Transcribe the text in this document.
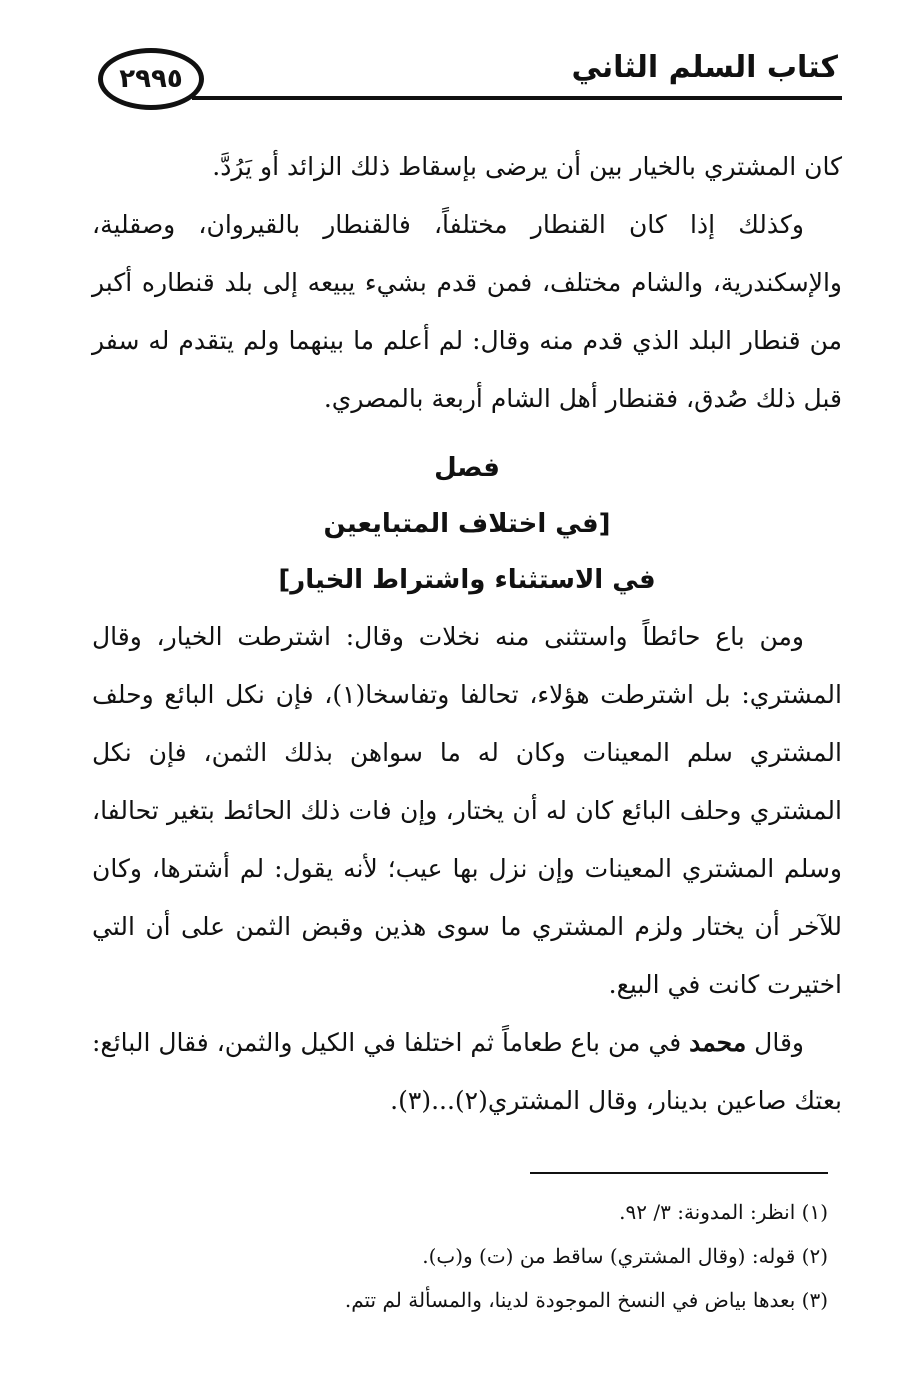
٢٩٩٥	كتاب السلم الثاني

كان المشتري بالخيار بين أن يرضى بإسقاط ذلك الزائد أو يَرُدَّ.

وكذلك إذا كان القنطار مختلفاً، فالقنطار بالقيروان، وصقلية، والإسكندرية، والشام مختلف، فمن قدم بشيء يبيعه إلى بلد قنطاره أكبر من قنطار البلد الذي قدم منه وقال: لم أعلم ما بينهما ولم يتقدم له سفر قبل ذلك صُدق، فقنطار أهل الشام أربعة بالمصري.

فصل

[في اختلاف المتبايعين

في الاستثناء واشتراط الخيار]

ومن باع حائطاً واستثنى منه نخلات وقال: اشترطت الخيار، وقال المشتري: بل اشترطت هؤلاء، تحالفا وتفاسخا(١)، فإن نكل البائع وحلف المشتري سلم المعينات وكان له ما سواهن بذلك الثمن، فإن نكل المشتري وحلف البائع كان له أن يختار، وإن فات ذلك الحائط بتغير تحالفا، وسلم المشتري المعينات وإن نزل بها عيب؛ لأنه يقول: لم أشترها، وكان للآخر أن يختار ولزم المشتري ما سوى هذين وقبض الثمن على أن التي اختيرت كانت في البيع.

وقال محمد في من باع طعاماً ثم اختلفا في الكيل والثمن، فقال البائع: بعتك صاعين بدينار، وقال المشتري(٢)...(٣).

(١) انظر: المدونة: ٣/ ٩٢.

(٢) قوله: (وقال المشتري) ساقط من (ت) و(ب).

(٣) بعدها بياض في النسخ الموجودة لدينا، والمسألة لم تتم.
